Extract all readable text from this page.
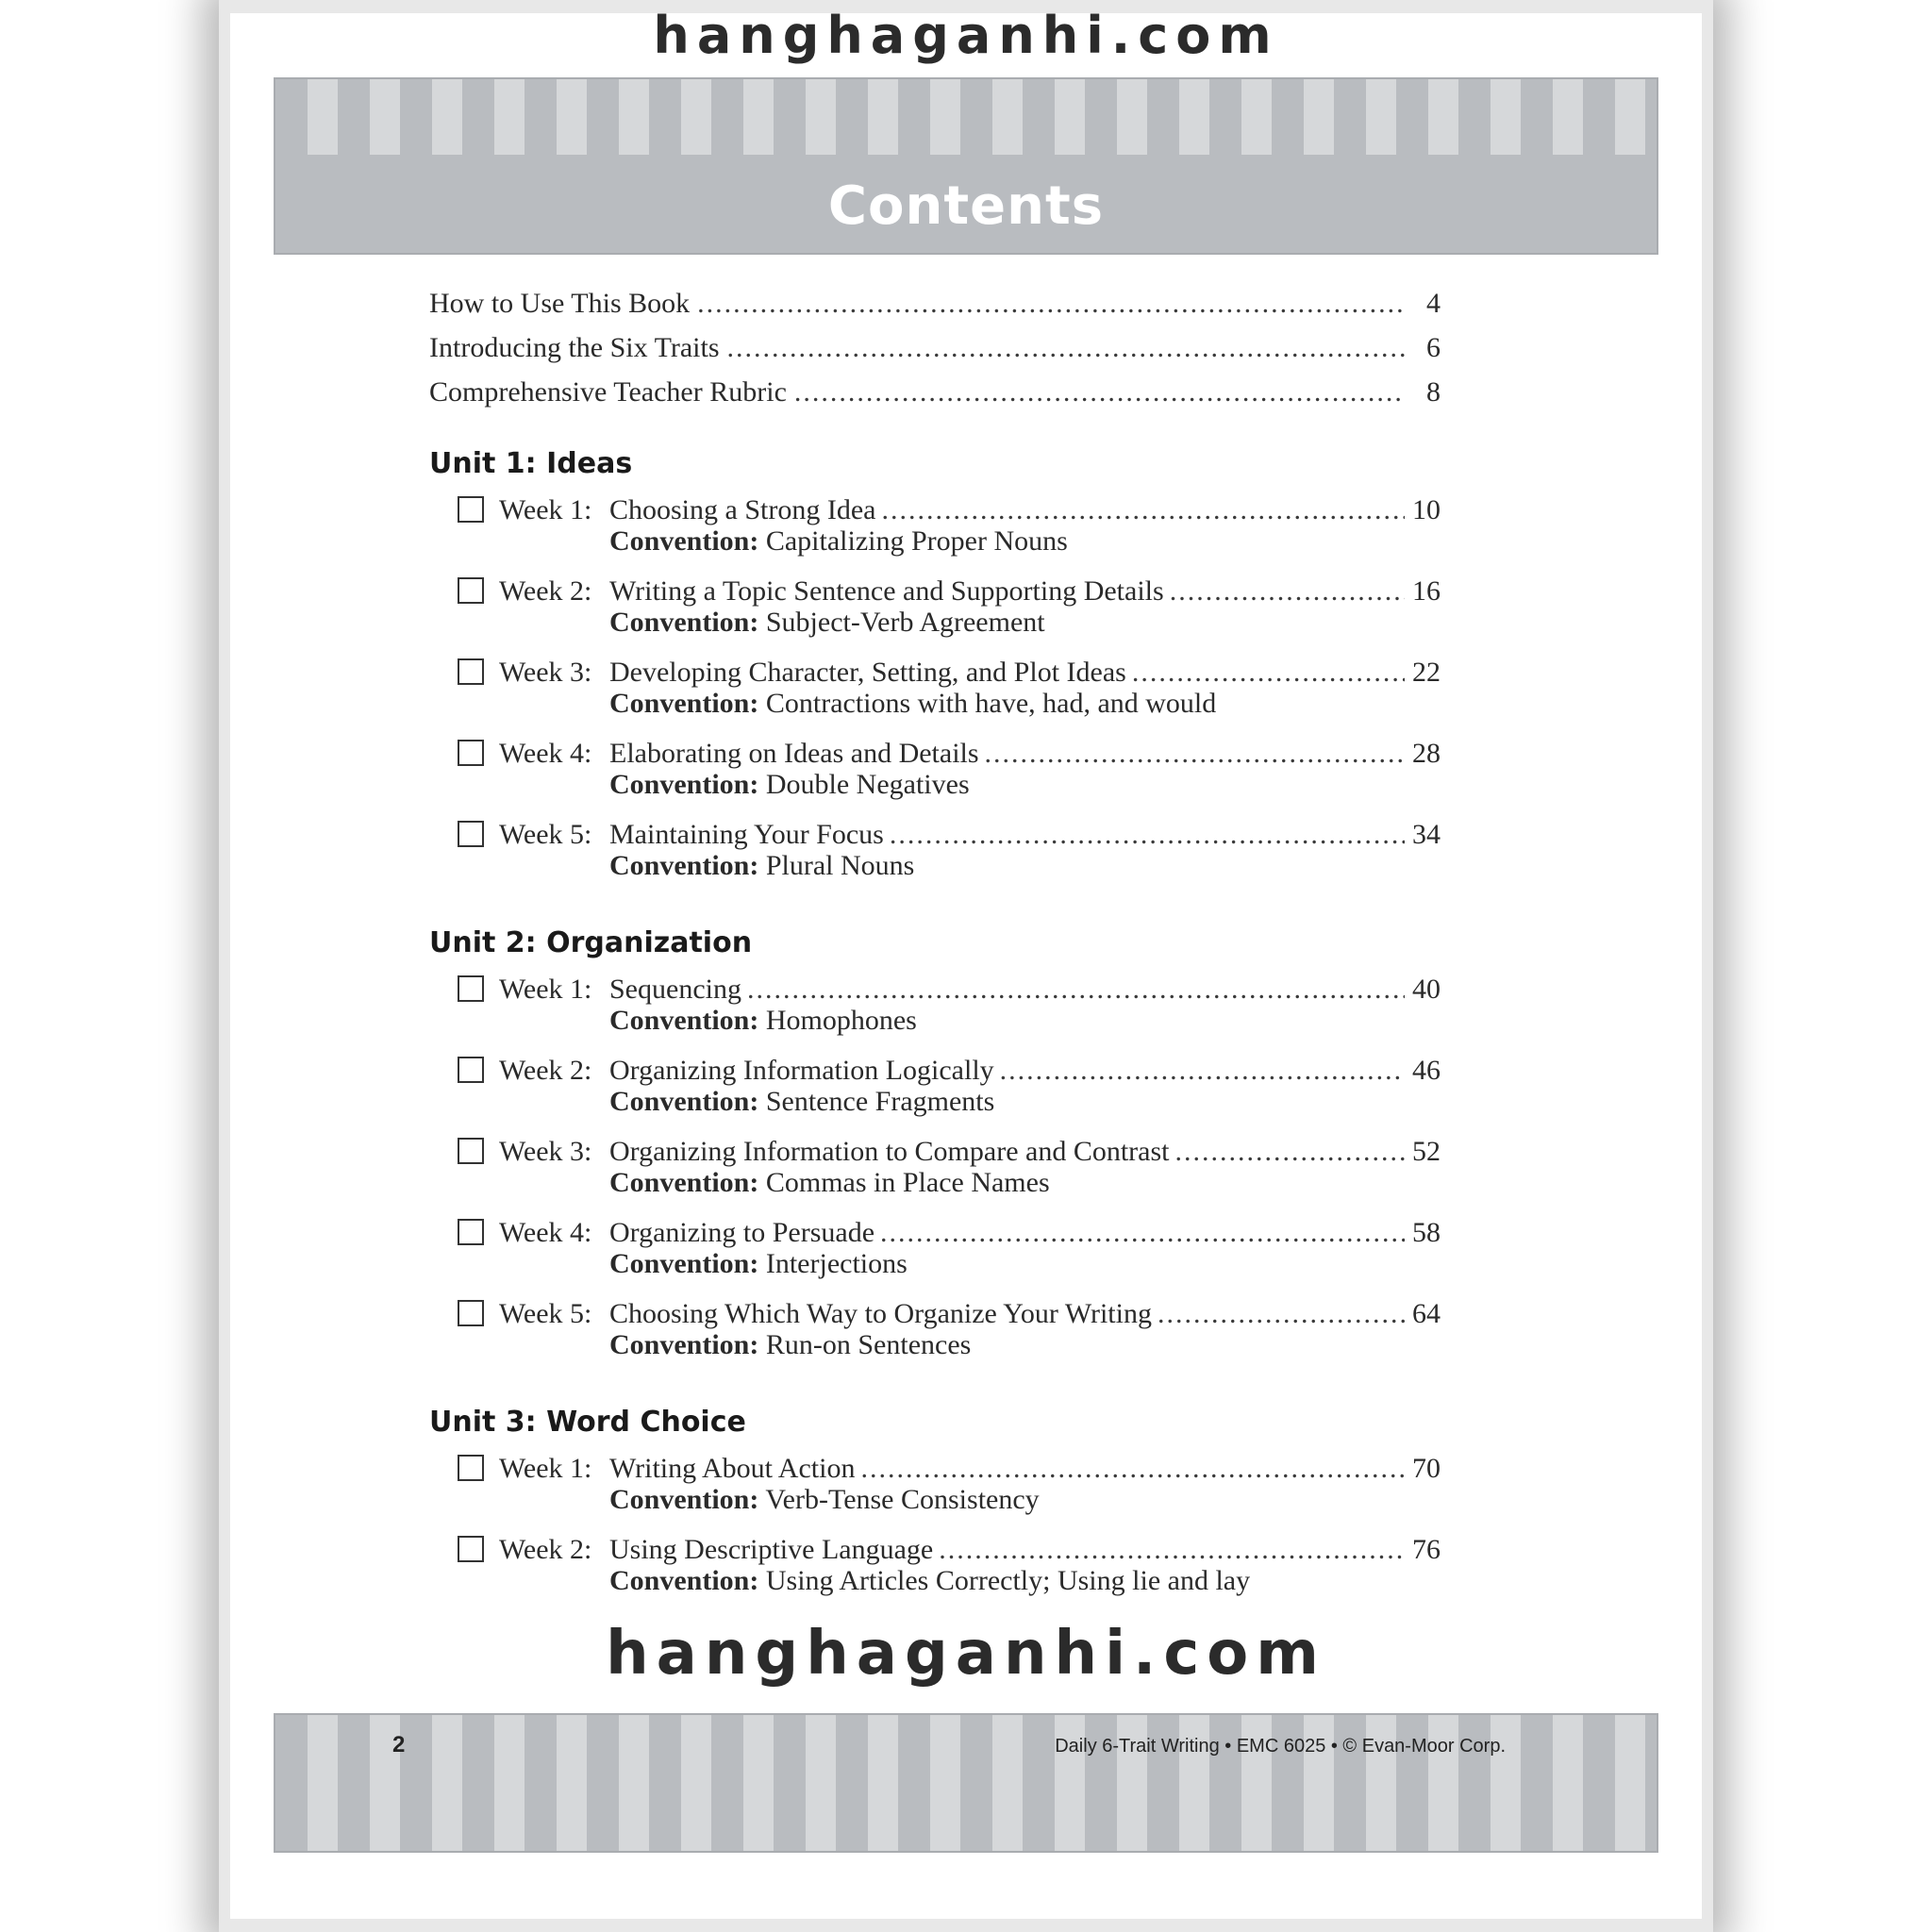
hanghaganhi.com
Contents
How to Use This Book .....	4
Introducing the Six Traits .....	6
Comprehensive Teacher Rubric .....	8
Unit 1: Ideas
Week 1: Choosing a Strong Idea .....	10
Convention: Capitalizing Proper Nouns
Week 2: Writing a Topic Sentence and Supporting Details .....	16
Convention: Subject-Verb Agreement
Week 3: Developing Character, Setting, and Plot Ideas .....	22
Convention: Contractions with have, had, and would
Week 4: Elaborating on Ideas and Details .....	28
Convention: Double Negatives
Week 5: Maintaining Your Focus .....	34
Convention: Plural Nouns
Unit 2: Organization
Week 1: Sequencing .....	40
Convention: Homophones
Week 2: Organizing Information Logically .....	46
Convention: Sentence Fragments
Week 3: Organizing Information to Compare and Contrast .....	52
Convention: Commas in Place Names
Week 4: Organizing to Persuade .....	58
Convention: Interjections
Week 5: Choosing Which Way to Organize Your Writing .....	64
Convention: Run-on Sentences
Unit 3: Word Choice
Week 1: Writing About Action .....	70
Convention: Verb-Tense Consistency
Week 2: Using Descriptive Language .....	76
Convention: Using Articles Correctly; Using lie and lay
hanghaganhi.com
2	Daily 6-Trait Writing • EMC 6025 • © Evan-Moor Corp.
